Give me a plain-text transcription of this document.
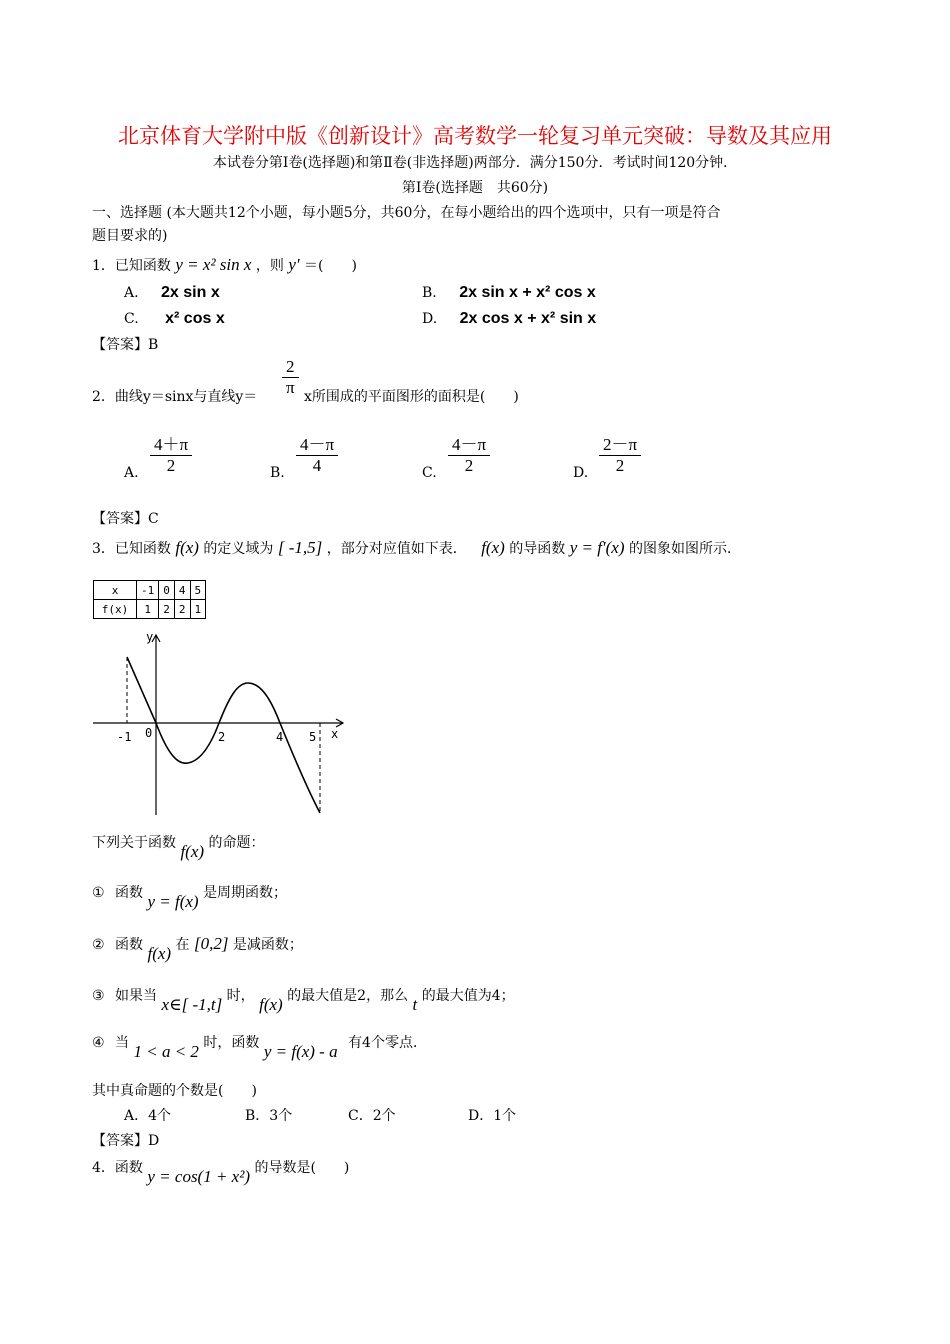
北京体育大学附中版《创新设计》高考数学一轮复习单元突破：导数及其应用
本试卷分第Ⅰ卷(选择题)和第Ⅱ卷(非选择题)两部分．满分150分．考试时间120分钟．
第Ⅰ卷(选择题　共60分)
一、选择题 (本大题共12个小题，每小题5分，共60分，在每小题给出的四个选项中，只有一项是符合
题目要求的)
1．已知函数 y = x² sin x ，则 y′ ＝(　　)
A. 2x sin x	B. 2x sin x + x² cos x
C. x² cos x	D. 2x cos x + x² sin x
【答案】B
2．曲线y＝sinx与直线$y= \frac{2}{\pi}$ x所围成的平面图形的面积是(　　)
A. $\frac{4+\pi}{2}$	B. $\frac{4-\pi}{4}$	C. $\frac{4-\pi}{2}$	D. $\frac{2-\pi}{2}$
【答案】C
3．已知函数 f(x) 的定义域为 [ -1,5] ，部分对应值如下表． f(x) 的导函数 y = f′(x) 的图象如图所示．
x	-1	0	4	5
f(x)	1	2	2	1
y
x
-1 0	2	4 5
下列关于函数 f(x) 的命题：
① 函数 y = f(x) 是周期函数；
② 函数 f(x) 在 [0,2] 是减函数；
③ 如果当 x∈[ -1,t] 时， f(x) 的最大值是2，那么 t 的最大值为4；
④ 当 1 < a < 2 时，函数 y = f(x) - a 有4个零点．
其中真命题的个数是(　　)
A．4个	B．3个	C．2个	D．1个
【答案】D
4．函数 y = cos(1 + x²) 的导数是(　　)
